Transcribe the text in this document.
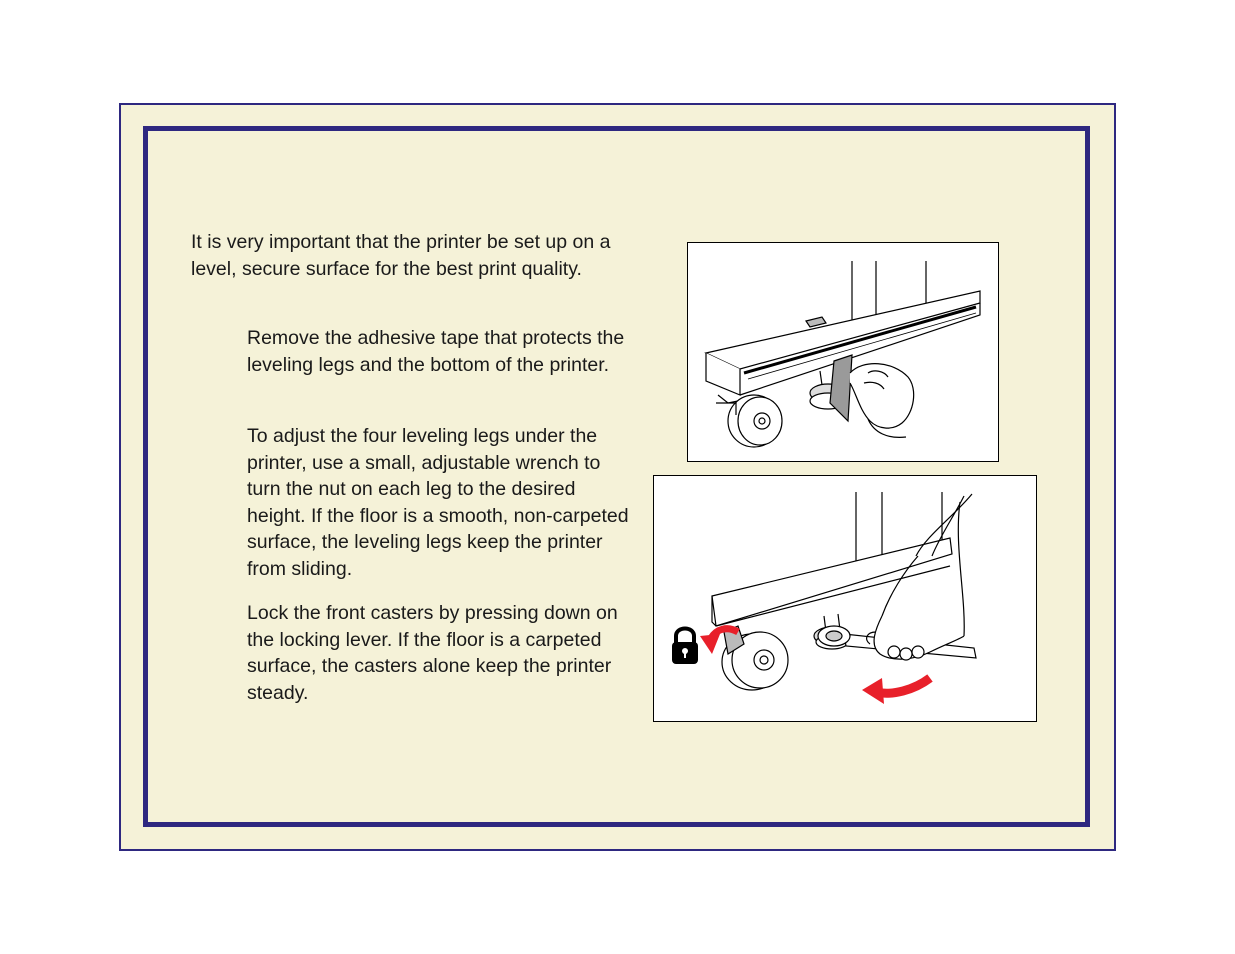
It is very important that the printer be set up on a level, secure surface for the best print quality.
Remove the adhesive tape that protects the leveling legs and the bottom of the printer.
To adjust the four leveling legs under the printer, use a small, adjustable wrench to turn the nut on each leg to the desired height. If the floor is a smooth, non-carpeted surface, the leveling legs keep the printer from sliding.
Lock the front casters by pressing down on the locking lever. If the floor is a carpeted surface, the casters alone keep the printer steady.
